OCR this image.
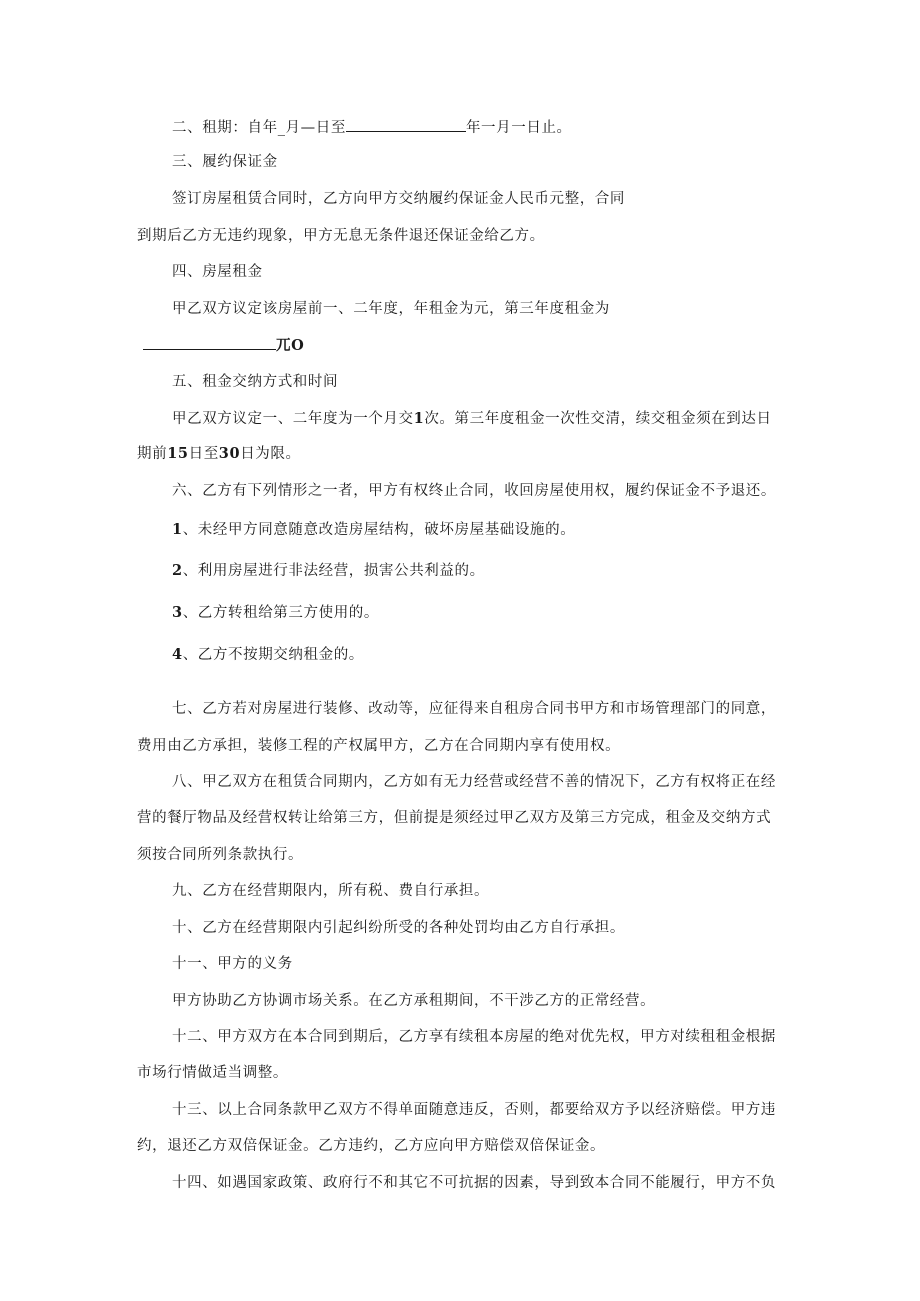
二、租期：自年_月—日至	年一月一日止。
三、履约保证金
签订房屋租赁合同时，乙方向甲方交纳履约保证金人民币元整，合同
到期后乙方无违约现象，甲方无息无条件退还保证金给乙方。
四、房屋租金
甲乙双方议定该房屋前一、二年度，年租金为元，第三年度租金为
兀O
五、租金交纳方式和时间
甲乙双方议定一、二年度为一个月交1次。第三年度租金一次性交清，续交租金须在到达日
期前15日至30日为限。
六、乙方有下列情形之一者，甲方有权终止合同，收回房屋使用权，履约保证金不予退还。
1、未经甲方同意随意改造房屋结构，破坏房屋基础设施的。
2、利用房屋进行非法经营，损害公共利益的。
3、乙方转租给第三方使用的。
4、乙方不按期交纳租金的。
七、乙方若对房屋进行装修、改动等，应征得来自租房合同书甲方和市场管理部门的同意，
费用由乙方承担，装修工程的产权属甲方，乙方在合同期内享有使用权。
八、甲乙双方在租赁合同期内，乙方如有无力经营或经营不善的情况下，乙方有权将正在经
营的餐厅物品及经营权转让给第三方，但前提是须经过甲乙双方及第三方完成，租金及交纳方式
须按合同所列条款执行。
九、乙方在经营期限内，所有税、费自行承担。
十、乙方在经营期限内引起纠纷所受的各种处罚均由乙方自行承担。
十一、甲方的义务
甲方协助乙方协调市场关系。在乙方承租期间，不干涉乙方的正常经营。
十二、甲方双方在本合同到期后，乙方享有续租本房屋的绝对优先权，甲方对续租租金根据
市场行情做适当调整。
十三、以上合同条款甲乙双方不得单面随意违反，否则，都要给双方予以经济赔偿。甲方违
约，退还乙方双倍保证金。乙方违约，乙方应向甲方赔偿双倍保证金。
十四、如遇国家政策、政府行不和其它不可抗据的因素，导到致本合同不能履行，甲方不负
